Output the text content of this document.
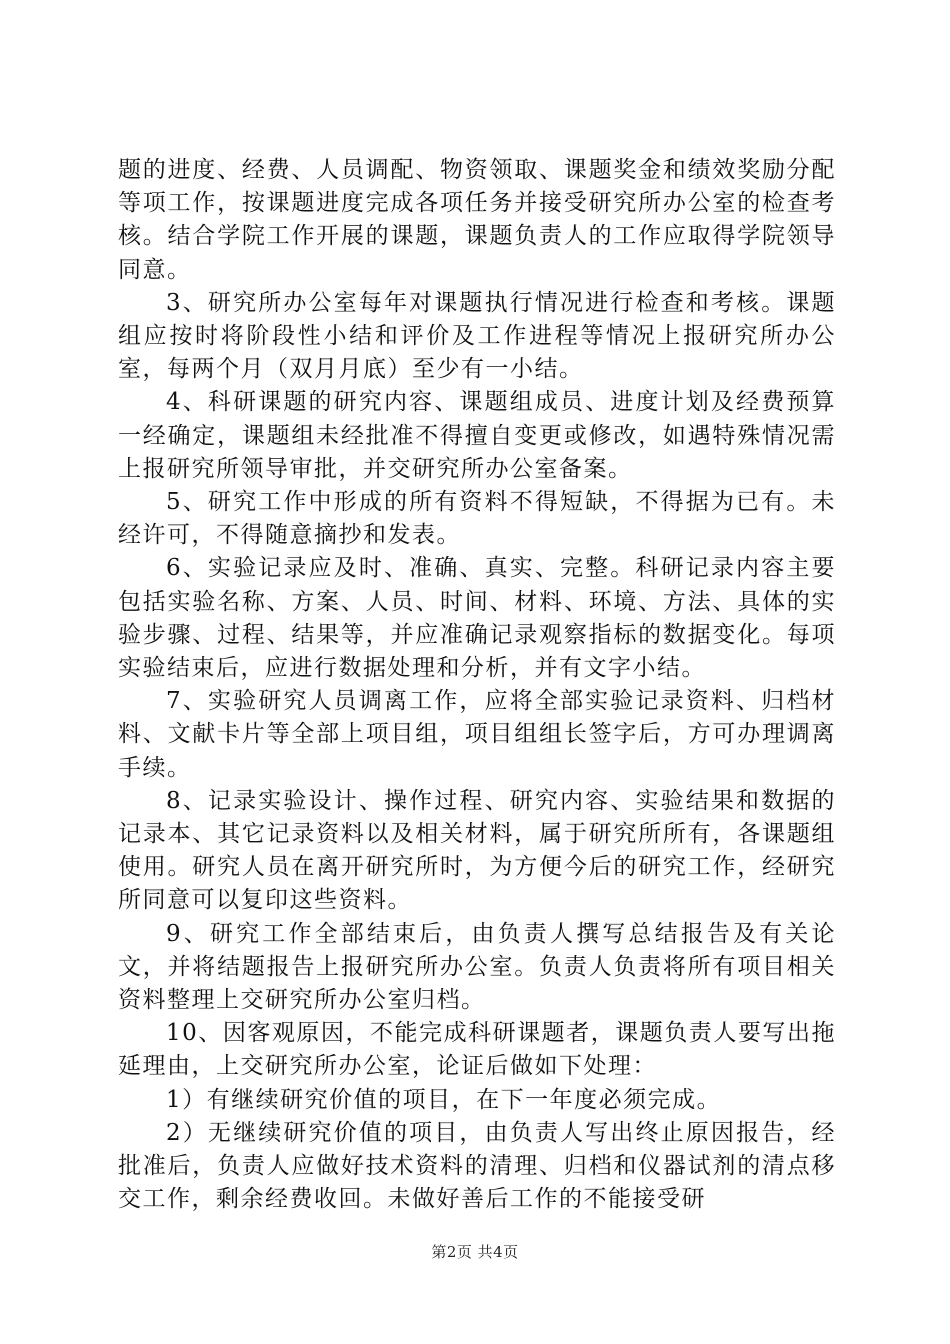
题的进度、经费、人员调配、物资领取、课题奖金和绩效奖励分配等项工作，按课题进度完成各项任务并接受研究所办公室的检查考核。结合学院工作开展的课题，课题负责人的工作应取得学院领导同意。

3、研究所办公室每年对课题执行情况进行检查和考核。课题组应按时将阶段性小结和评价及工作进程等情况上报研究所办公室，每两个月（双月月底）至少有一小结。

4、科研课题的研究内容、课题组成员、进度计划及经费预算一经确定，课题组未经批准不得擅自变更或修改，如遇特殊情况需上报研究所领导审批，并交研究所办公室备案。

5、研究工作中形成的所有资料不得短缺，不得据为已有。未经许可，不得随意摘抄和发表。

6、实验记录应及时、准确、真实、完整。科研记录内容主要包括实验名称、方案、人员、时间、材料、环境、方法、具体的实验步骤、过程、结果等，并应准确记录观察指标的数据变化。每项实验结束后，应进行数据处理和分析，并有文字小结。

7、实验研究人员调离工作，应将全部实验记录资料、归档材料、文献卡片等全部上项目组，项目组组长签字后，方可办理调离手续。

8、记录实验设计、操作过程、研究内容、实验结果和数据的记录本、其它记录资料以及相关材料，属于研究所所有，各课题组使用。研究人员在离开研究所时，为方便今后的研究工作，经研究所同意可以复印这些资料。

9、研究工作全部结束后，由负责人撰写总结报告及有关论文，并将结题报告上报研究所办公室。负责人负责将所有项目相关资料整理上交研究所办公室归档。

10、因客观原因，不能完成科研课题者，课题负责人要写出拖延理由，上交研究所办公室，论证后做如下处理：

1）有继续研究价值的项目，在下一年度必须完成。

2）无继续研究价值的项目，由负责人写出终止原因报告，经批准后，负责人应做好技术资料的清理、归档和仪器试剂的清点移交工作，剩余经费收回。未做好善后工作的不能接受研

第2页 共4页
